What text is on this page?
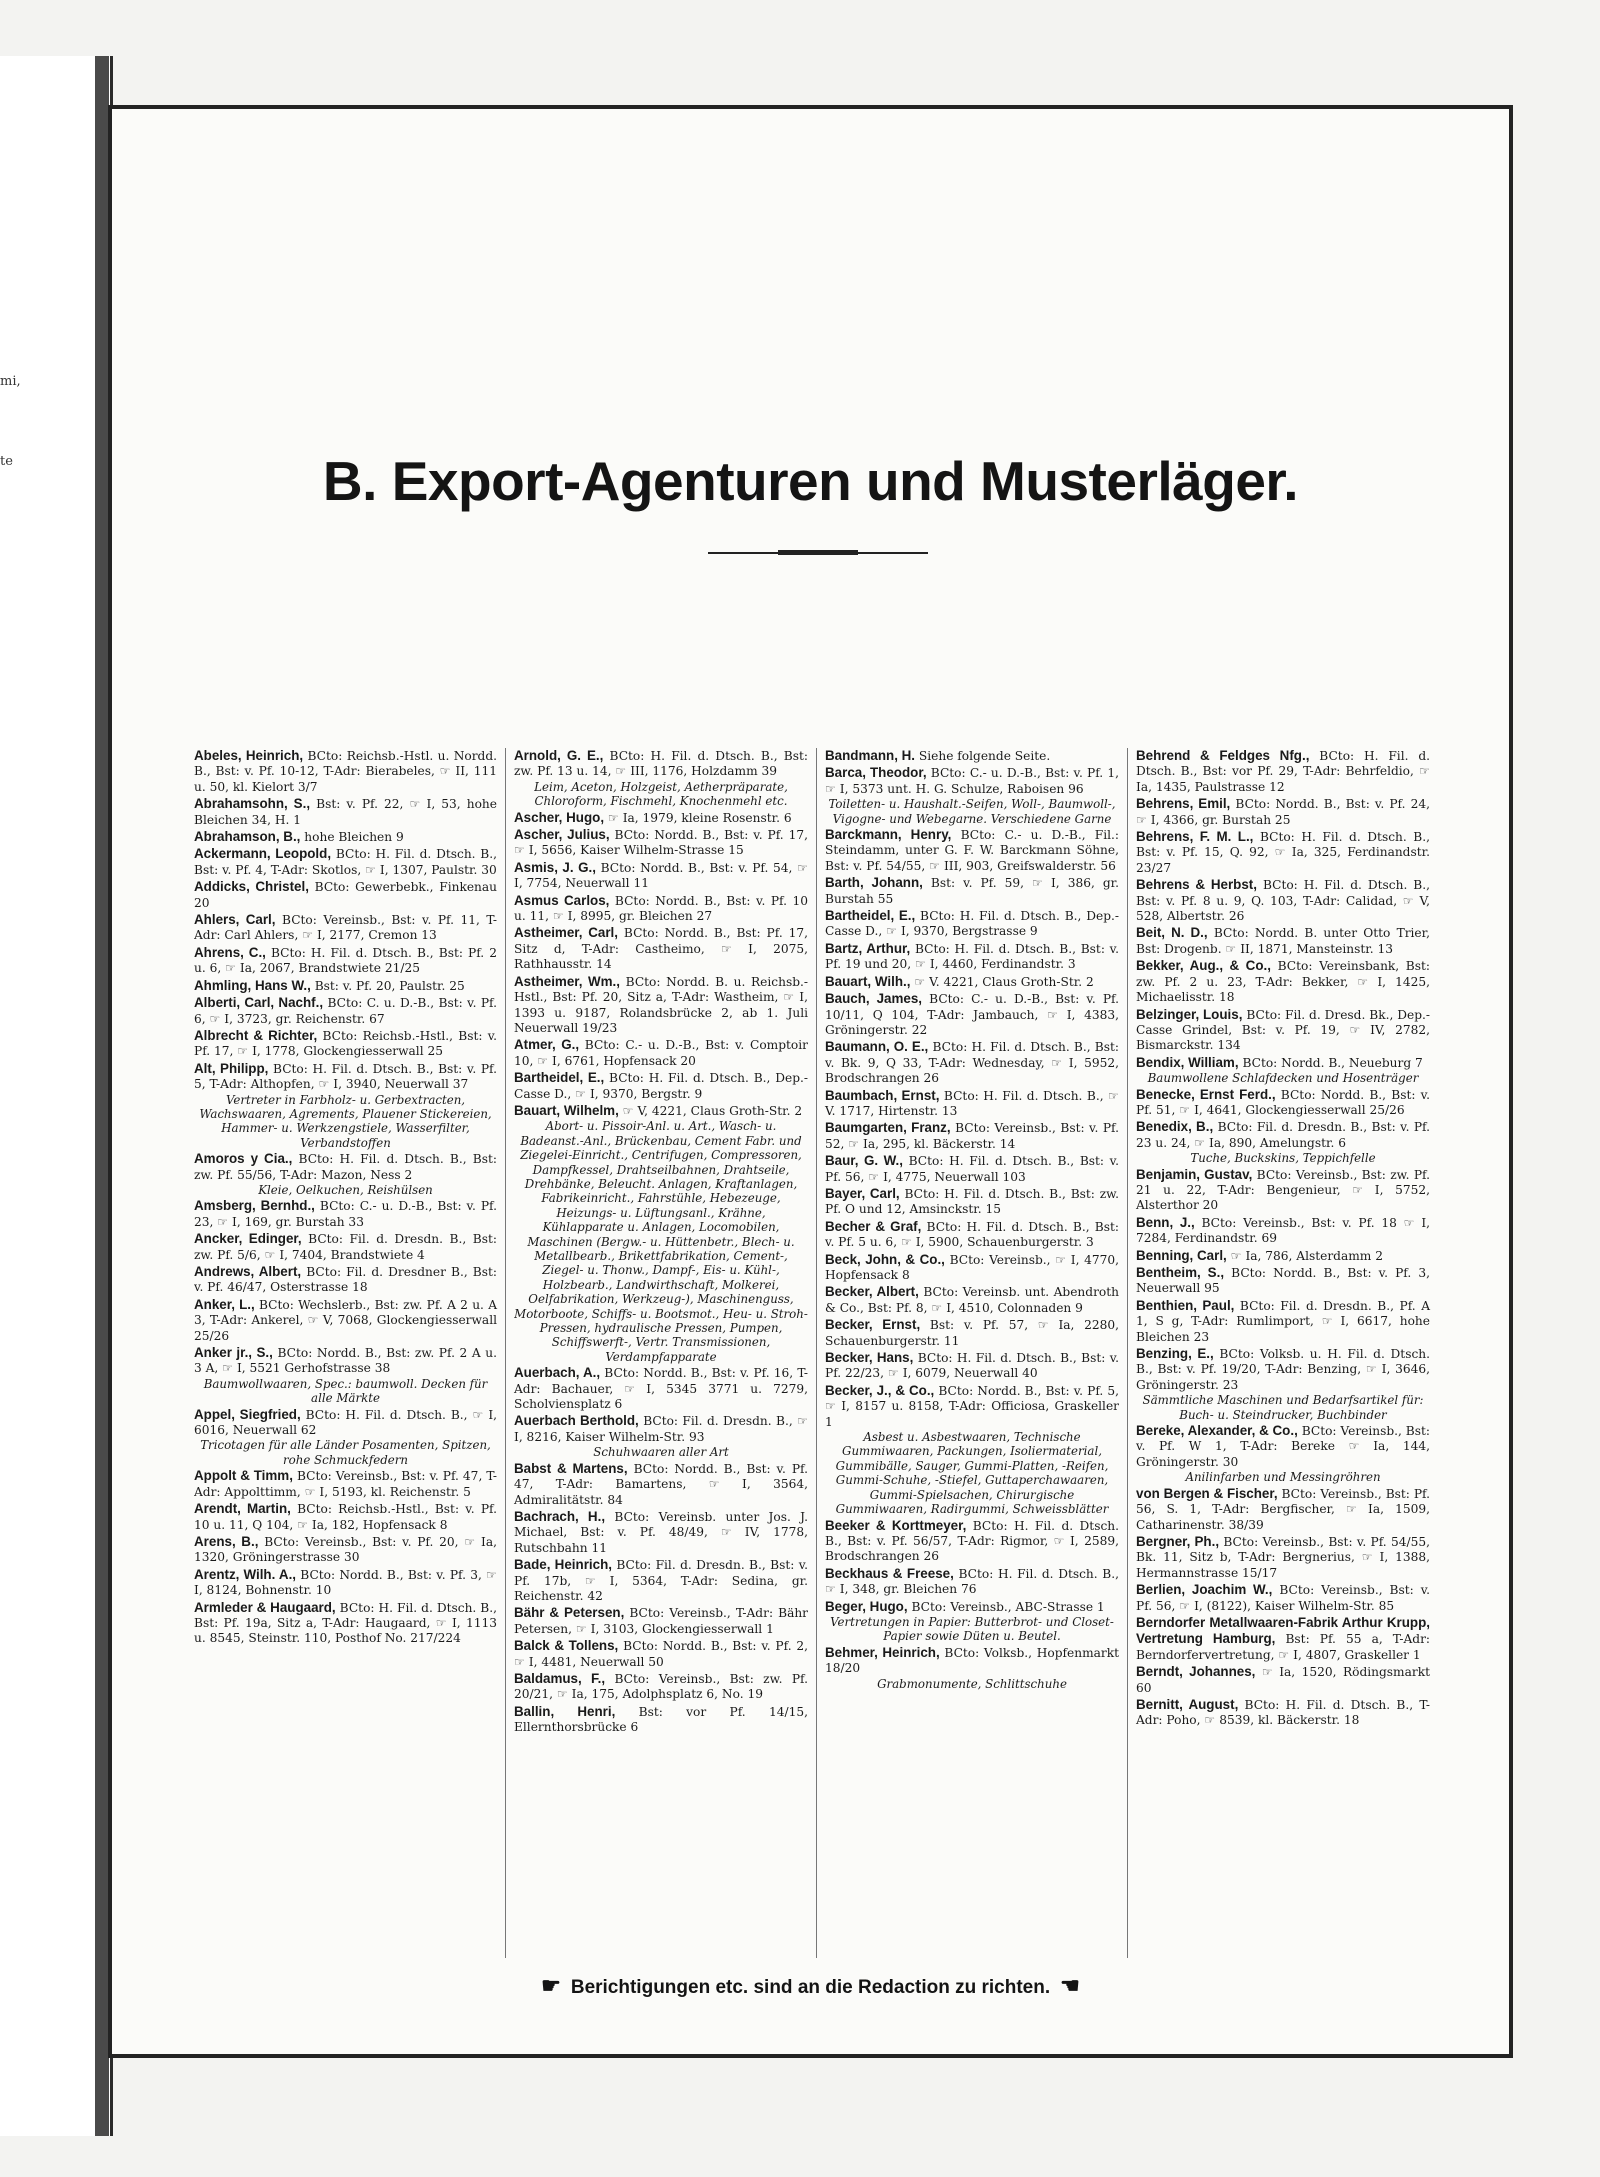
mi,
te	B. Export-Agenturen und Musterläger.
Abeles, Heinrich, BCto: Reichsb.-Hstl. u. Nordd. B., Bst: v. Pf. 10-12, T-Adr: Bierabeles, ☞ II, 111 u. 50, kl. Kielort 3/7
Abrahamsohn, S., Bst: v. Pf. 22, ☞ I, 53, hohe Bleichen 34, H. 1
Abrahamson, B., hohe Bleichen 9
Ackermann, Leopold, BCto: H. Fil. d. Dtsch. B., Bst: v. Pf. 4, T-Adr: Skotlos, ☞ I, 1307, Paulstr. 30
Addicks, Christel, BCto: Gewerbebk., Finkenau 20
Ahlers, Carl, BCto: Vereinsb., Bst: v. Pf. 11, T-Adr: Carl Ahlers, ☞ I, 2177, Cremon 13
Ahrens, C., BCto: H. Fil. d. Dtsch. B., Bst: Pf. 2 u. 6, ☞ Ia, 2067, Brandstwiete 21/25
Ahmling, Hans W., Bst: v. Pf. 20, Paulstr. 25
Alberti, Carl, Nachf., BCto: C. u. D.-B., Bst: v. Pf. 6, ☞ I, 3723, gr. Reichenstr. 67
Albrecht & Richter, BCto: Reichsb.-Hstl., Bst: v. Pf. 17, ☞ I, 1778, Glockengiesserwall 25
Alt, Philipp, BCto: H. Fil. d. Dtsch. B., Bst: v. Pf. 5, T-Adr: Althopfen, ☞ I, 3940, Neuerwall 37
Vertreter in Farbholz- u. Gerbextracten, Wachswaaren, Agrements, Plauener Stickereien, Hammer- u. Werkzengstiele, Wasserfilter, Verbandstoffen
Amoros y Cia., BCto: H. Fil. d. Dtsch. B., Bst: zw. Pf. 55/56, T-Adr: Mazon, Ness 2
Kleie, Oelkuchen, Reishülsen
Amsberg, Bernhd., BCto: C.- u. D.-B., Bst: v. Pf. 23, ☞ I, 169, gr. Burstah 33
Ancker, Edinger, BCto: Fil. d. Dresdn. B., Bst: zw. Pf. 5/6, ☞ I, 7404, Brandstwiete 4
Andrews, Albert, BCto: Fil. d. Dresdner B., Bst: v. Pf. 46/47, Osterstrasse 18
Anker, L., BCto: Wechslerb., Bst: zw. Pf. A 2 u. A 3, T-Adr: Ankerel, ☞ V, 7068, Glockengiesserwall 25/26
Anker jr., S., BCto: Nordd. B., Bst: zw. Pf. 2 A u. 3 A, ☞ I, 5521 Gerhofstrasse 38
Baumwollwaaren, Spec.: baumwoll. Decken für alle Märkte
Appel, Siegfried, BCto: H. Fil. d. Dtsch. B., ☞ I, 6016, Neuerwall 62
Tricotagen für alle Länder Posamenten, Spitzen, rohe Schmuckfedern
Appolt & Timm, BCto: Vereinsb., Bst: v. Pf. 47, T-Adr: Appolttimm, ☞ I, 5193, kl. Reichenstr. 5
Arendt, Martin, BCto: Reichsb.-Hstl., Bst: v. Pf. 10 u. 11, Q 104, ☞ Ia, 182, Hopfensack 8
Arens, B., BCto: Vereinsb., Bst: v. Pf. 20, ☞ Ia, 1320, Gröningerstrasse 30
Arentz, Wilh. A., BCto: Nordd. B., Bst: v. Pf. 3, ☞ I, 8124, Bohnenstr. 10
Armleder & Haugaard, BCto: H. Fil. d. Dtsch. B., Bst: Pf. 19a, Sitz a, T-Adr: Haugaard, ☞ I, 1113 u. 8545, Steinstr. 110, Posthof No. 217/224
Arnold, G. E., BCto: H. Fil. d. Dtsch. B., Bst: zw. Pf. 13 u. 14, ☞ III, 1176, Holzdamm 39
Leim, Aceton, Holzgeist, Aetherpräparate, Chloroform, Fischmehl, Knochenmehl etc.
Ascher, Hugo, ☞ Ia, 1979, kleine Rosenstr. 6
Ascher, Julius, BCto: Nordd. B., Bst: v. Pf. 17, ☞ I, 5656, Kaiser Wilhelm-Strasse 15
Asmis, J. G., BCto: Nordd. B., Bst: v. Pf. 54, ☞ I, 7754, Neuerwall 11
Asmus Carlos, BCto: Nordd. B., Bst: v. Pf. 10 u. 11, ☞ I, 8995, gr. Bleichen 27
Astheimer, Carl, BCto: Nordd. B., Bst: Pf. 17, Sitz d, T-Adr: Castheimo, ☞ I, 2075, Rathhausstr. 14
Astheimer, Wm., BCto: Nordd. B. u. Reichsb.-Hstl., Bst: Pf. 20, Sitz a, T-Adr: Wastheim, ☞ I, 1393 u. 9187, Rolandsbrücke 2, ab 1. Juli Neuerwall 19/23
Atmer, G., BCto: C.- u. D.-B., Bst: v. Comptoir 10, ☞ I, 6761, Hopfensack 20
Bartheidel, E., BCto: H. Fil. d. Dtsch. B., Dep.-Casse D., ☞ I, 9370, Bergstr. 9
Bauart, Wilhelm, ☞ V, 4221, Claus Groth-Str. 2
Abort- u. Pissoir-Anl. u. Art., Wasch- u. Badeanst.-Anl., Brückenbau, Cement Fabr. und Ziegelei-Einricht., Centrifugen, Compressoren, Dampfkessel, Drahtseilbahnen, Drahtseile, Drehbänke, Beleucht. Anlagen, Kraftanlagen, Fabrikeinricht., Fahrstühle, Hebezeuge, Heizungs- u. Lüftungsanl., Krähne, Kühlapparate u. Anlagen, Locomobilen, Maschinen (Bergw.- u. Hüttenbetr., Blech- u. Metallbearb., Brikettfabrikation, Cement-, Ziegel- u. Thonw., Dampf-, Eis- u. Kühl-, Holzbearb., Landwirthschaft, Molkerei, Oelfabrikation, Werkzeug-), Maschinenguss, Motorboote, Schiffs- u. Bootsmot., Heu- u. Stroh-Pressen, hydraulische Pressen, Pumpen, Schiffswerft-, Vertr. Transmissionen, Verdampfapparate
Auerbach, A., BCto: Nordd. B., Bst: v. Pf. 16, T-Adr: Bachauer, ☞ I, 5345 3771 u. 7279, Scholviensplatz 6
Auerbach Berthold, BCto: Fil. d. Dresdn. B., ☞ I, 8216, Kaiser Wilhelm-Str. 93
Schuhwaaren aller Art
Babst & Martens, BCto: Nordd. B., Bst: v. Pf. 47, T-Adr: Bamartens, ☞ I, 3564, Admiralitätstr. 84
Bachrach, H., BCto: Vereinsb. unter Jos. J. Michael, Bst: v. Pf. 48/49, ☞ IV, 1778, Rutschbahn 11
Bade, Heinrich, BCto: Fil. d. Dresdn. B., Bst: v. Pf. 17b, ☞ I, 5364, T-Adr: Sedina, gr. Reichenstr. 42
Bähr & Petersen, BCto: Vereinsb., T-Adr: Bähr Petersen, ☞ I, 3103, Glockengiesserwall 1
Balck & Tollens, BCto: Nordd. B., Bst: v. Pf. 2, ☞ I, 4481, Neuerwall 50
Baldamus, F., BCto: Vereinsb., Bst: zw. Pf. 20/21, ☞ Ia, 175, Adolphsplatz 6, No. 19
Ballin, Henri, Bst: vor Pf. 14/15, Ellernthorsbrücke 6
Bandmann, H. Siehe folgende Seite.
Barca, Theodor, BCto: C.- u. D.-B., Bst: v. Pf. 1, ☞ I, 5373 unt. H. G. Schulze, Raboisen 96
Toiletten- u. Haushalt.-Seifen, Woll-, Baumwoll-, Vigogne- und Webegarne. Verschiedene Garne
Barckmann, Henry, BCto: C.- u. D.-B., Fil.: Steindamm, unter G. F. W. Barckmann Söhne, Bst: v. Pf. 54/55, ☞ III, 903, Greifswalderstr. 56
Barth, Johann, Bst: v. Pf. 59, ☞ I, 386, gr. Burstah 55
Bartheidel, E., BCto: H. Fil. d. Dtsch. B., Dep.-Casse D., ☞ I, 9370, Bergstrasse 9
Bartz, Arthur, BCto: H. Fil. d. Dtsch. B., Bst: v. Pf. 19 und 20, ☞ I, 4460, Ferdinandstr. 3
Bauart, Wilh., ☞ V. 4221, Claus Groth-Str. 2
Bauch, James, BCto: C.- u. D.-B., Bst: v. Pf. 10/11, Q 104, T-Adr: Jambauch, ☞ I, 4383, Gröningerstr. 22
Baumann, O. E., BCto: H. Fil. d. Dtsch. B., Bst: v. Bk. 9, Q 33, T-Adr: Wednesday, ☞ I, 5952, Brodschrangen 26
Baumbach, Ernst, BCto: H. Fil. d. Dtsch. B., ☞ V. 1717, Hirtenstr. 13
Baumgarten, Franz, BCto: Vereinsb., Bst: v. Pf. 52, ☞ Ia, 295, kl. Bäckerstr. 14
Baur, G. W., BCto: H. Fil. d. Dtsch. B., Bst: v. Pf. 56, ☞ I, 4775, Neuerwall 103
Bayer, Carl, BCto: H. Fil. d. Dtsch. B., Bst: zw. Pf. O und 12, Amsinckstr. 15
Becher & Graf, BCto: H. Fil. d. Dtsch. B., Bst: v. Pf. 5 u. 6, ☞ I, 5900, Schauenburgerstr. 3
Beck, John, & Co., BCto: Vereinsb., ☞ I, 4770, Hopfensack 8
Becker, Albert, BCto: Vereinsb. unt. Abendroth & Co., Bst: Pf. 8, ☞ I, 4510, Colonnaden 9
Becker, Ernst, Bst: v. Pf. 57, ☞ Ia, 2280, Schauenburgerstr. 11
Becker, Hans, BCto: H. Fil. d. Dtsch. B., Bst: v. Pf. 22/23, ☞ I, 6079, Neuerwall 40
Becker, J., & Co., BCto: Nordd. B., Bst: v. Pf. 5, ☞ I, 8157 u. 8158, T-Adr: Officiosa, Graskeller 1
Asbest u. Asbestwaaren, Technische Gummiwaaren, Packungen, Isoliermaterial, Gummibälle, Sauger, Gummi-Platten, -Reifen, Gummi-Schuhe, -Stiefel, Guttaperchawaaren, Gummi-Spielsachen, Chirurgische Gummiwaaren, Radirgummi, Schweissblätter
Beeker & Korttmeyer, BCto: H. Fil. d. Dtsch. B., Bst: v. Pf. 56/57, T-Adr: Rigmor, ☞ I, 2589, Brodschrangen 26
Beckhaus & Freese, BCto: H. Fil. d. Dtsch. B., ☞ I, 348, gr. Bleichen 76
Beger, Hugo, BCto: Vereinsb., ABC-Strasse 1
Vertretungen in Papier: Butterbrot- und Closet-Papier sowie Düten u. Beutel.
Behmer, Heinrich, BCto: Volksb., Hopfenmarkt 18/20
Grabmonumente, Schlittschuhe
Behrend & Feldges Nfg., BCto: H. Fil. d. Dtsch. B., Bst: vor Pf. 29, T-Adr: Behrfeldio, ☞ Ia, 1435, Paulstrasse 12
Behrens, Emil, BCto: Nordd. B., Bst: v. Pf. 24, ☞ I, 4366, gr. Burstah 25
Behrens, F. M. L., BCto: H. Fil. d. Dtsch. B., Bst: v. Pf. 15, Q. 92, ☞ Ia, 325, Ferdinandstr. 23/27
Behrens & Herbst, BCto: H. Fil. d. Dtsch. B., Bst: v. Pf. 8 u. 9, Q. 103, T-Adr: Calidad, ☞ V, 528, Albertstr. 26
Beit, N. D., BCto: Nordd. B. unter Otto Trier, Bst: Drogenb. ☞ II, 1871, Mansteinstr. 13
Bekker, Aug., & Co., BCto: Vereinsbank, Bst: zw. Pf. 2 u. 23, T-Adr: Bekker, ☞ I, 1425, Michaelisstr. 18
Belzinger, Louis, BCto: Fil. d. Dresd. Bk., Dep.-Casse Grindel, Bst: v. Pf. 19, ☞ IV, 2782, Bismarckstr. 134
Bendix, William, BCto: Nordd. B., Neueburg 7
Baumwollene Schlafdecken und Hosenträger
Benecke, Ernst Ferd., BCto: Nordd. B., Bst: v. Pf. 51, ☞ I, 4641, Glockengiesserwall 25/26
Benedix, B., BCto: Fil. d. Dresdn. B., Bst: v. Pf. 23 u. 24, ☞ Ia, 890, Amelungstr. 6
Tuche, Buckskins, Teppichfelle
Benjamin, Gustav, BCto: Vereinsb., Bst: zw. Pf. 21 u. 22, T-Adr: Bengenieur, ☞ I, 5752, Alsterthor 20
Benn, J., BCto: Vereinsb., Bst: v. Pf. 18 ☞ I, 7284, Ferdinandstr. 69
Benning, Carl, ☞ Ia, 786, Alsterdamm 2
Bentheim, S., BCto: Nordd. B., Bst: v. Pf. 3, Neuerwall 95
Benthien, Paul, BCto: Fil. d. Dresdn. B., Pf. A 1, S g, T-Adr: Rumlimport, ☞ I, 6617, hohe Bleichen 23
Benzing, E., BCto: Volksb. u. H. Fil. d. Dtsch. B., Bst: v. Pf. 19/20, T-Adr: Benzing, ☞ I, 3646, Gröningerstr. 23
Sämmtliche Maschinen und Bedarfsartikel für: Buch- u. Steindrucker, Buchbinder
Bereke, Alexander, & Co., BCto: Vereinsb., Bst: v. Pf. W 1, T-Adr: Bereke ☞ Ia, 144, Gröningerstr. 30
Anilinfarben und Messingröhren
von Bergen & Fischer, BCto: Vereinsb., Bst: Pf. 56, S. 1, T-Adr: Bergfischer, ☞ Ia, 1509, Catharinenstr. 38/39
Bergner, Ph., BCto: Vereinsb., Bst: v. Pf. 54/55, Bk. 11, Sitz b, T-Adr: Bergnerius, ☞ I, 1388, Hermannstrasse 15/17
Berlien, Joachim W., BCto: Vereinsb., Bst: v. Pf. 56, ☞ I, (8122), Kaiser Wilhelm-Str. 85
Berndorfer Metallwaaren-Fabrik Arthur Krupp, Vertretung Hamburg, Bst: Pf. 55 a, T-Adr: Berndorfervertretung, ☞ I, 4807, Graskeller 1
Berndt, Johannes, ☞ Ia, 1520, Rödingsmarkt 60
Bernitt, August, BCto: H. Fil. d. Dtsch. B., T-Adr: Poho, ☞ 8539, kl. Bäckerstr. 18
☛ Berichtigungen etc. sind an die Redaction zu richten. ☚
